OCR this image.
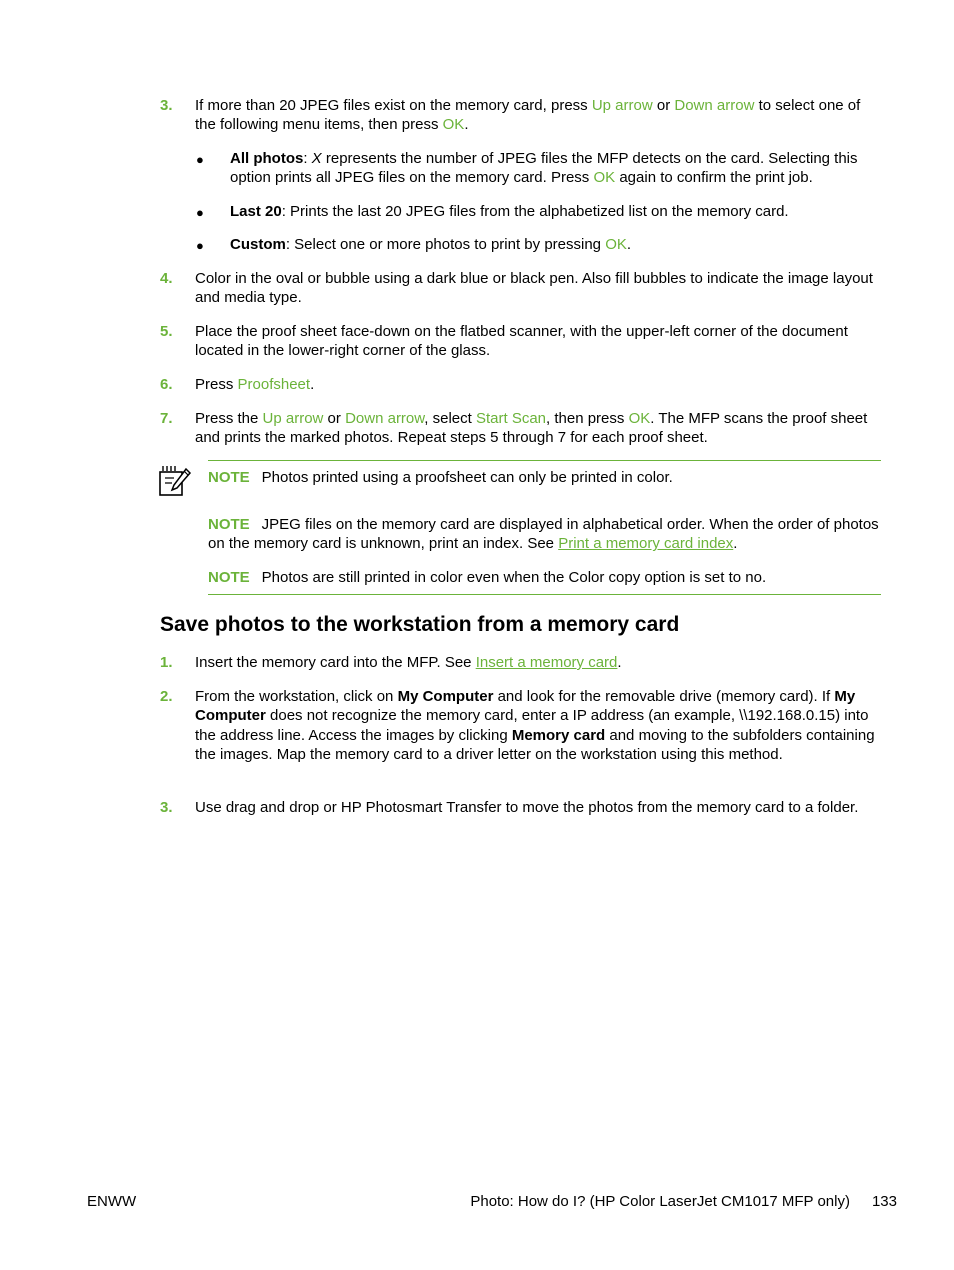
3. If more than 20 JPEG files exist on the memory card, press Up arrow or Down arrow to select one of the following menu items, then press OK.
● All photos: X represents the number of JPEG files the MFP detects on the card. Selecting this option prints all JPEG files on the memory card. Press OK again to confirm the print job.
● Last 20: Prints the last 20 JPEG files from the alphabetized list on the memory card.
● Custom: Select one or more photos to print by pressing OK.
4. Color in the oval or bubble using a dark blue or black pen. Also fill bubbles to indicate the image layout and media type.
5. Place the proof sheet face-down on the flatbed scanner, with the upper-left corner of the document located in the lower-right corner of the glass.
6. Press Proofsheet.
7. Press the Up arrow or Down arrow, select Start Scan, then press OK. The MFP scans the proof sheet and prints the marked photos. Repeat steps 5 through 7 for each proof sheet.
NOTE Photos printed using a proofsheet can only be printed in color.
NOTE JPEG files on the memory card are displayed in alphabetical order. When the order of photos on the memory card is unknown, print an index. See Print a memory card index.
NOTE Photos are still printed in color even when the Color copy option is set to no.
Save photos to the workstation from a memory card
1. Insert the memory card into the MFP. See Insert a memory card.
2. From the workstation, click on My Computer and look for the removable drive (memory card). If My Computer does not recognize the memory card, enter a IP address (an example, \\192.168.0.15) into the address line. Access the images by clicking Memory card and moving to the subfolders containing the images. Map the memory card to a driver letter on the workstation using this method.
3. Use drag and drop or HP Photosmart Transfer to move the photos from the memory card to a folder.
ENWW	Photo: How do I? (HP Color LaserJet CM1017 MFP only) 133
